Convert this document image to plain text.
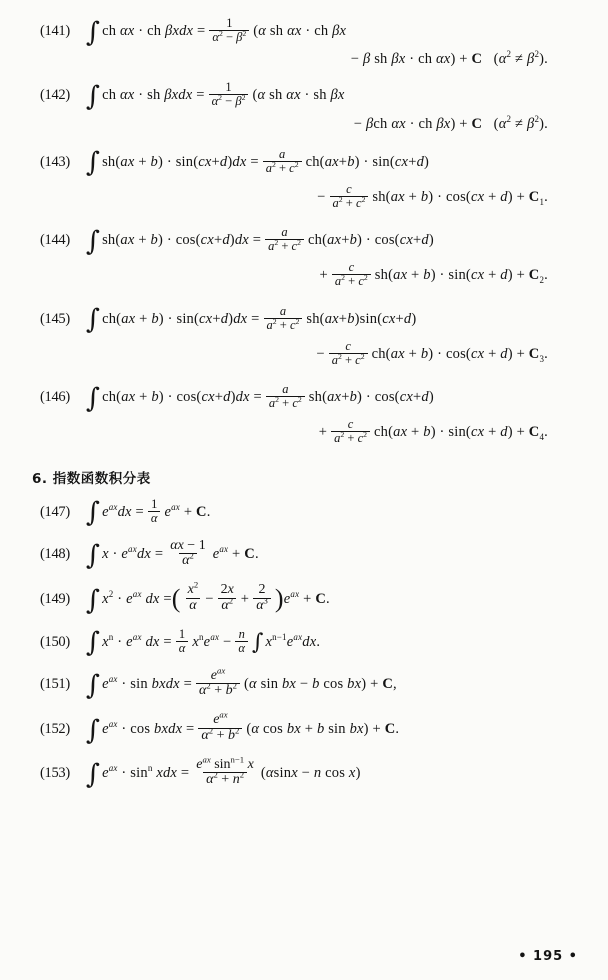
(141) ∫ ch αx · ch $\beta xdx = \frac{1}{\alpha^2 - \beta^2} (\alpha$ sh αx · ch βx
− β sh βx · ch αx) + C   $(\alpha^2 \ne \beta^2)$.
(142) ∫ ch αx · sh $\beta xdx = \frac{1}{\alpha^2 - \beta^2} (\alpha$ sh αx · sh βx
− βch αx · ch βx) + C   $(\alpha^2 \ne \beta^2)$.
(143) ∫ $sh(ax + b) \cdot \sin(cx+d)dx = \frac{a}{a^2 + c^2} ch(ax+b) \cdot \sin(cx+d)$
− $\frac{c}{a^2 + c^2} sh(ax + b) \cdot \cos(cx + d) + C_1$.
(144) ∫ $sh(ax + b) \cdot \cos(cx+d)dx = \frac{a}{a^2 + c^2} ch(ax+b) \cdot \cos(cx+d)$
+ $\frac{c}{a^2 + c^2} sh(ax + b) \cdot \sin(cx + d) + C_2$.
(145) ∫ $ch(ax + b) \cdot \sin(cx+d)dx = \frac{a}{a^2 + c^2} sh(ax+b)\sin(cx+d)$
− $\frac{c}{a^2 + c^2} ch(ax + b) \cdot \cos(cx + d) + C_3$.
(146) ∫ $ch(ax + b) \cdot \cos(cx+d)dx = \frac{a}{a^2 + c^2} sh(ax+b) \cdot \cos(cx+d)$
+ $\frac{c}{a^2 + c^2} ch(ax + b) \cdot \sin(cx + d) + C_4$.
6. 指数函数积分表
(147) ∫ $e^{ax}dx = \frac{1}{\alpha} e^{ax} + C$.
(148) ∫ $x \cdot e^{ax}dx = \frac{\alpha x - 1}{\alpha^2} e^{ax} + C$.
(149) ∫ $x^2 \cdot e^{ax}$ dx = ( $\frac{x^2}{\alpha} - \frac{2x}{\alpha^2} + \frac{2}{\alpha^3}$ ) $e^{ax} + C$.
(150) ∫ $x^n \cdot e^{ax}$ dx = $\frac{1}{\alpha} x^ne^{ax} - \frac{n}{\alpha}$ ∫ $x^{n-1}e^{ax}dx$.
(151) ∫ $e^{ax} \cdot \sin$ bxdx = $\frac{e^{ax}}{\alpha^2 + b^2} (\alpha$ sin bx − b cos bx) + C,
(152) ∫ $e^{ax} \cdot \cos$ bxdx = $\frac{e^{ax}}{\alpha^2 + b^2} (\alpha$ cos bx + b sin bx) + C.
(153) ∫ $e^{ax} \cdot \sin^n$ xdx = $\frac{e^{ax} \sin^{n-1} x}{\alpha^2 + n^2} (\alpha\sin x - n$ cos x)
• 195 •
